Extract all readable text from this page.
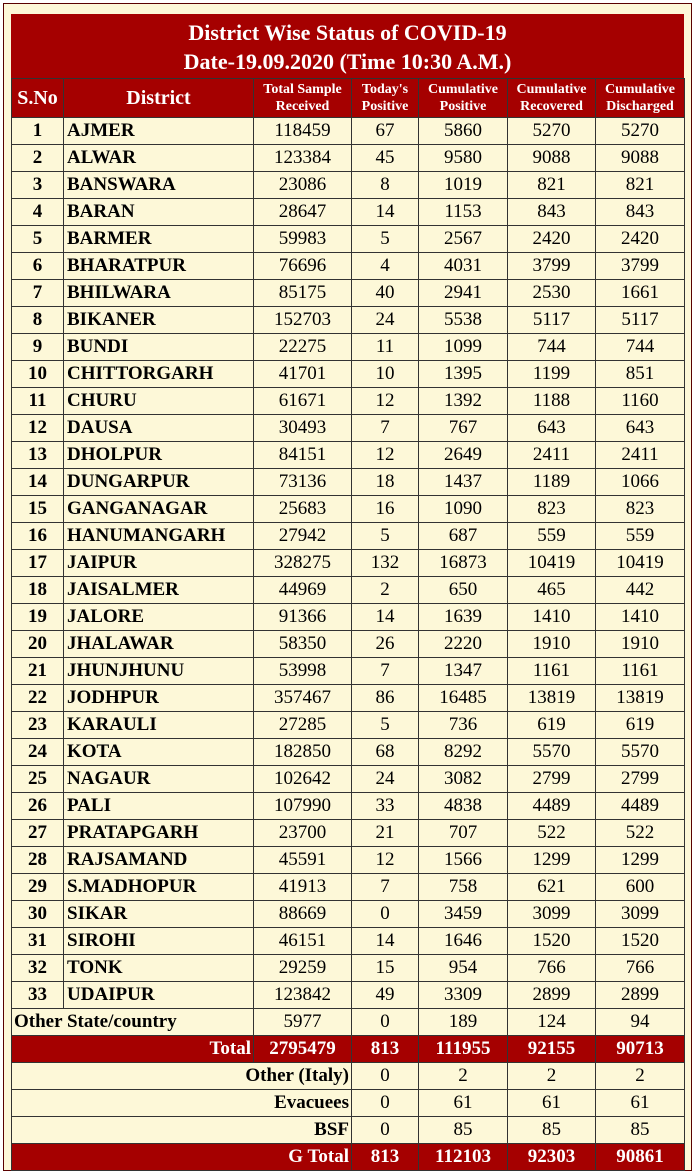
District Wise Status of COVID-19
Date-19.09.2020 (Time 10:30 A.M.)
S.No	District	Total Sample Received	Today's Positive	Cumulative Positive	Cumulative Recovered	Cumulative Discharged
1	AJMER	118459	67	5860	5270	5270
2	ALWAR	123384	45	9580	9088	9088
3	BANSWARA	23086	8	1019	821	821
4	BARAN	28647	14	1153	843	843
5	BARMER	59983	5	2567	2420	2420
6	BHARATPUR	76696	4	4031	3799	3799
7	BHILWARA	85175	40	2941	2530	1661
8	BIKANER	152703	24	5538	5117	5117
9	BUNDI	22275	11	1099	744	744
10	CHITTORGARH	41701	10	1395	1199	851
11	CHURU	61671	12	1392	1188	1160
12	DAUSA	30493	7	767	643	643
13	DHOLPUR	84151	12	2649	2411	2411
14	DUNGARPUR	73136	18	1437	1189	1066
15	GANGANAGAR	25683	16	1090	823	823
16	HANUMANGARH	27942	5	687	559	559
17	JAIPUR	328275	132	16873	10419	10419
18	JAISALMER	44969	2	650	465	442
19	JALORE	91366	14	1639	1410	1410
20	JHALAWAR	58350	26	2220	1910	1910
21	JHUNJHUNU	53998	7	1347	1161	1161
22	JODHPUR	357467	86	16485	13819	13819
23	KARAULI	27285	5	736	619	619
24	KOTA	182850	68	8292	5570	5570
25	NAGAUR	102642	24	3082	2799	2799
26	PALI	107990	33	4838	4489	4489
27	PRATAPGARH	23700	21	707	522	522
28	RAJSAMAND	45591	12	1566	1299	1299
29	S.MADHOPUR	41913	7	758	621	600
30	SIKAR	88669	0	3459	3099	3099
31	SIROHI	46151	14	1646	1520	1520
32	TONK	29259	15	954	766	766
33	UDAIPUR	123842	49	3309	2899	2899
Other State/country		5977	0	189	124	94
Total		2795479	813	111955	92155	90713
Other (Italy)			0	2	2	2
Evacuees			0	61	61	61
BSF			0	85	85	85
G Total			813	112103	92303	90861
